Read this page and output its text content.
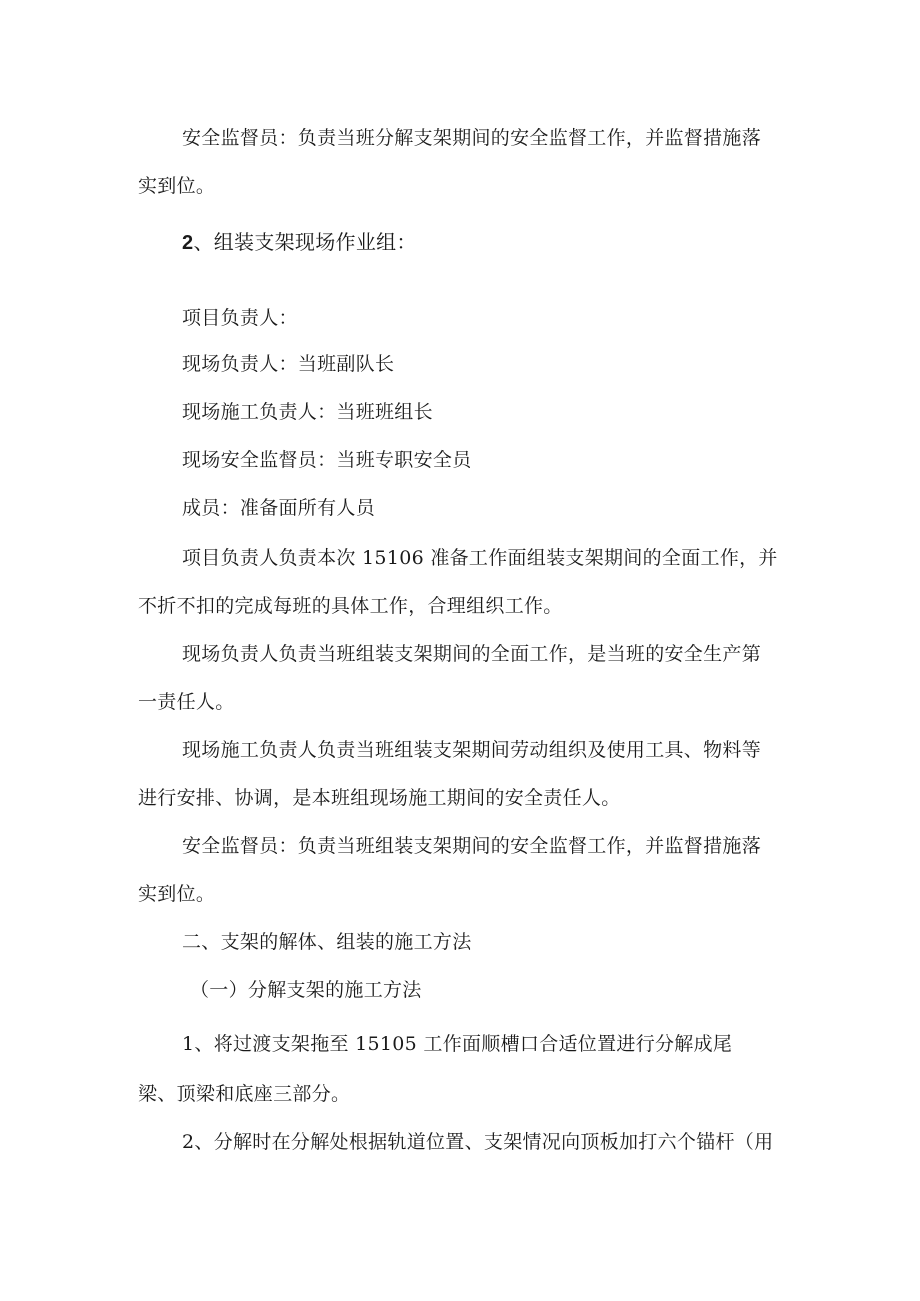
安全监督员：负责当班分解支架期间的安全监督工作，并监督措施落
实到位。
2、组装支架现场作业组：
项目负责人：
现场负责人：当班副队长
现场施工负责人：当班班组长
现场安全监督员：当班专职安全员
成员：准备面所有人员
项目负责人负责本次 15106 准备工作面组装支架期间的全面工作，并
不折不扣的完成每班的具体工作，合理组织工作。
现场负责人负责当班组装支架期间的全面工作，是当班的安全生产第
一责任人。
现场施工负责人负责当班组装支架期间劳动组织及使用工具、物料等
进行安排、协调，是本班组现场施工期间的安全责任人。
安全监督员：负责当班组装支架期间的安全监督工作，并监督措施落
实到位。
二、支架的解体、组装的施工方法
（一）分解支架的施工方法
1、将过渡支架拖至 15105 工作面顺槽口合适位置进行分解成尾
梁、顶梁和底座三部分。
2、分解时在分解处根据轨道位置、支架情况向顶板加打六个锚杆（用
